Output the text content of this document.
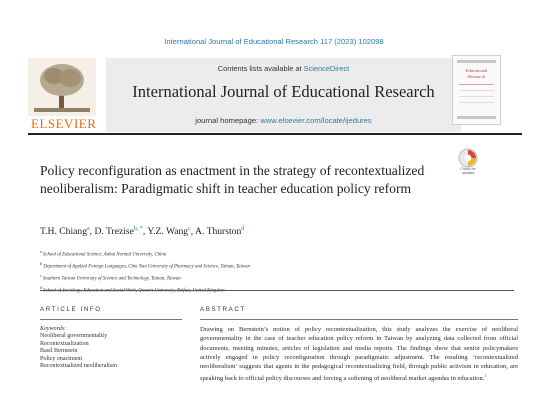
International Journal of Educational Research 117 (2023) 102098
ELSEVIER
Contents lists available at ScienceDirect
International Journal of Educational Research
journal homepage: www.elsevier.com/locate/ijedures
Educational
Research
Check for
updates
Policy reconfiguration as enactment in the strategy of recontextualized neoliberalism: Paradigmatic shift in teacher education policy reform
T.H. Chiang$^a$, D. Trezise$^{b, *}$, Y.Z. Wang$^c$, A. Thurston$^d$
$^a$ School of Educational Science, Anhui Normal University, China
$^b$ Department of Applied Foreign Languages, Chia Nan University of Pharmacy and Science, Tainan, Taiwan
$^c$ Southern Taiwan University of Science and Technology, Tainan, Taiwan
$^d$
ARTICLE INFO	ABSTRACT
Keywords:
Neoliberal governmentality
Recontextualization
Basil Bernstein
Policy enactment
Recontextualized neoliberalism
Drawing on Bernstein’s notion of policy recontextualization, this study analyzes the exercise of neoliberal governmentality in the case of teacher education policy reform in Taiwan by analyzing data collected from official documents, meeting minutes, articles of legislation and media reports. The findings show that senior policymakers actively engaged in policy reconfiguration through paradigmatic adjustment. The resulting ‘recontextualized neoliberalism’ suggests that agents in the pedagogical recontextualizing field, through public activism in education, are speaking back to official policy discourses and forcing a softening of neoliberal market agendas in education.$^1$
